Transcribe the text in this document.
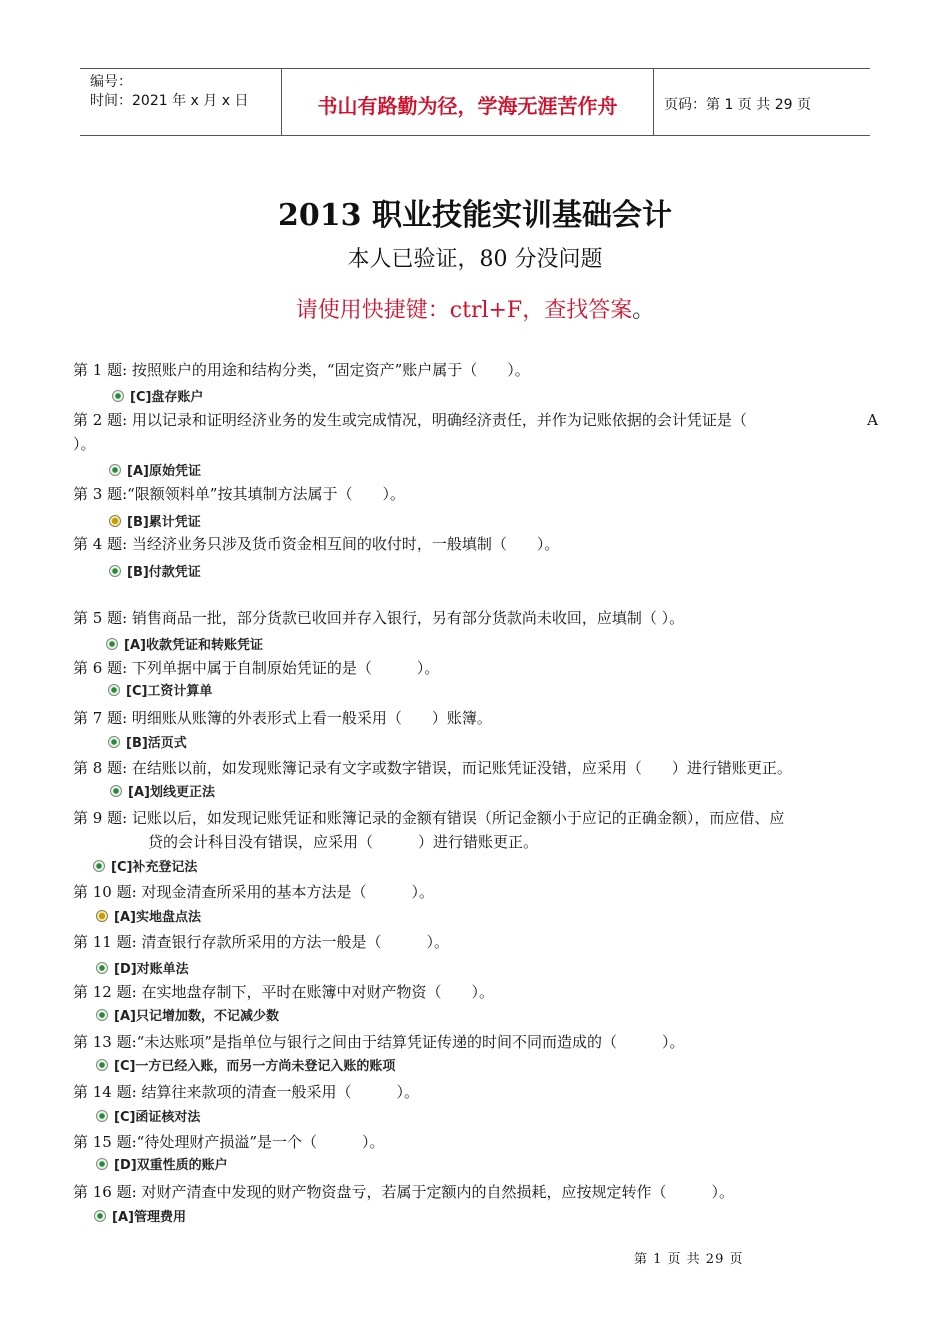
编号：
时间：2021 年 x 月 x 日	书山有路勤为径，学海无涯苦作舟	页码：第 1 页 共 29 页
2013 职业技能实训基础会计
本人已验证，80 分没问题
请使用快捷键：ctrl+F，查找答案。
第 1 题: 按照账户的用途和结构分类，“固定资产”账户属于（　　）。
[C]盘存账户
第 2 题: 用以记录和证明经济业务的发生或完成情况，明确经济责任，并作为记账依据的会计凭证是（	A

）。
[A]原始凭证
第 3 题:“限额领料单”按其填制方法属于（　　）。
[B]累计凭证
第 4 题: 当经济业务只涉及货币资金相互间的收付时，一般填制（　　）。
[B]付款凭证
第 5 题: 销售商品一批，部分货款已收回并存入银行，另有部分货款尚未收回，应填制（ ）。
[A]收款凭证和转账凭证
第 6 题: 下列单据中属于自制原始凭证的是（　　　）。
[C]工资计算单
第 7 题: 明细账从账簿的外表形式上看一般采用（　　）账簿。
[B]活页式
第 8 题: 在结账以前，如发现账簿记录有文字或数字错误，而记账凭证没错，应采用（　　）进行错账更正。
[A]划线更正法
第 9 题: 记账以后，如发现记账凭证和账簿记录的金额有错误（所记金额小于应记的正确金额），而应借、应
贷的会计科目没有错误，应采用（　　　）进行错账更正。
[C]补充登记法
第 10 题: 对现金清查所采用的基本方法是（　　　）。
[A]实地盘点法
第 11 题: 清查银行存款所采用的方法一般是（　　　）。
[D]对账单法
第 12 题: 在实地盘存制下，平时在账簿中对财产物资（　　）。
[A]只记增加数，不记减少数
第 13 题:“未达账项”是指单位与银行之间由于结算凭证传递的时间不同而造成的（　　　）。
[C]一方已经入账，而另一方尚未登记入账的账项
第 14 题: 结算往来款项的清查一般采用（　　　）。
[C]函证核对法
第 15 题:“待处理财产损溢”是一个（　　　）。
[D]双重性质的账户
第 16 题: 对财产清查中发现的财产物资盘亏，若属于定额内的自然损耗，应按规定转作（　　　）。
[A]管理费用
第 1 页 共 29 页
